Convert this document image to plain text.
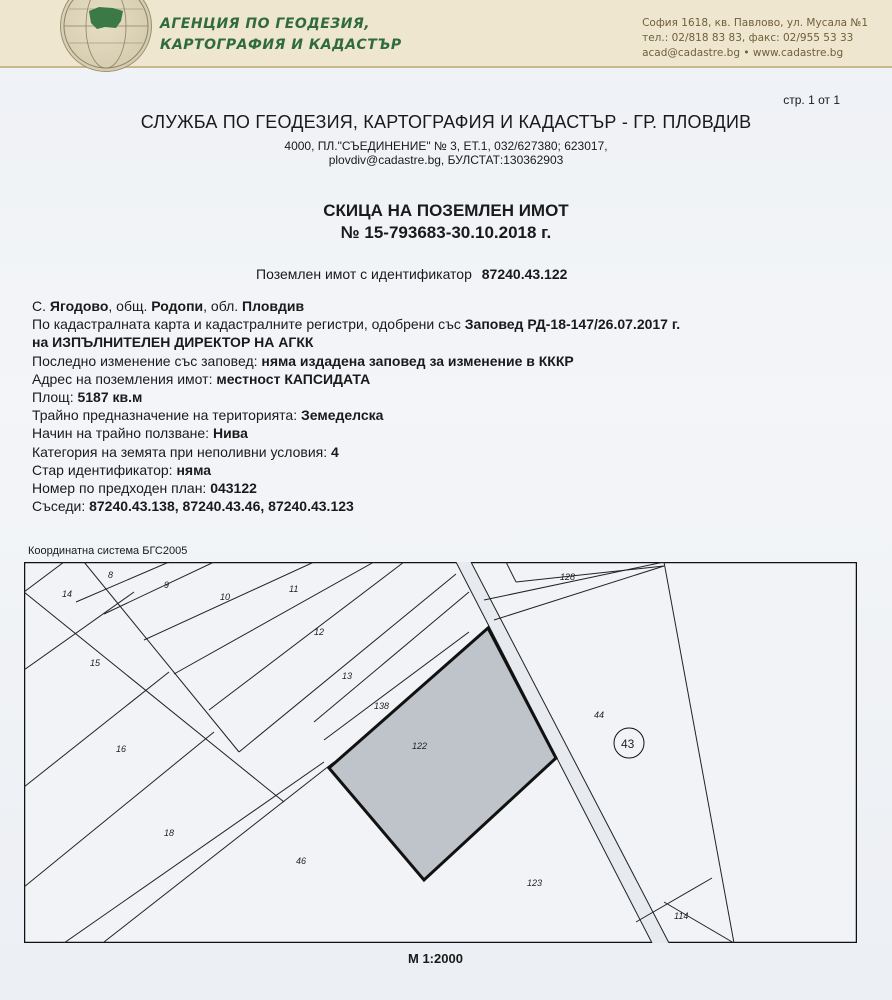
АГЕНЦИЯ ПО ГЕОДЕЗИЯ,
КАРТОГРАФИЯ И КАДАСТЪР
София 1618, кв. Павлово, ул. Мусала №1
тел.: 02/818 83 83, факс: 02/955 53 33
acad@cadastre.bg • www.cadastre.bg
стр. 1 от 1
СЛУЖБА ПО ГЕОДЕЗИЯ, КАРТОГРАФИЯ И КАДАСТЪР - ГР. ПЛОВДИВ
4000, ПЛ."СЪЕДИНЕНИЕ" № 3, ЕТ.1, 032/627380; 623017,
plovdiv@cadastre.bg, БУЛСТАТ:130362903
СКИЦА НА ПОЗЕМЛЕН ИМОТ
№ 15-793683-30.10.2018 г.
Поземлен имот с идентификатор 87240.43.122
С. Ягодово, общ. Родопи, обл. Пловдив
По кадастралната карта и кадастралните регистри, одобрени със Заповед РД-18-147/26.07.2017 г.
на ИЗПЪЛНИТЕЛЕН ДИРЕКТОР НА АГКК
Последно изменение със заповед: няма издадена заповед за изменение в КККР
Адрес на поземления имот: местност КАПСИДАТА
Площ: 5187 кв.м
Трайно предназначение на територията: Земеделска
Начин на трайно ползване: Нива
Категория на земята при неполивни условия: 4
Стар идентификатор: няма
Номер по предходен план: 043122
Съседи: 87240.43.138, 87240.43.46, 87240.43.123
Координатна система БГС2005
43
8
9
10
11
12
13
14
15
16
18
46
122
123
138
44
128
114
М 1:2000
